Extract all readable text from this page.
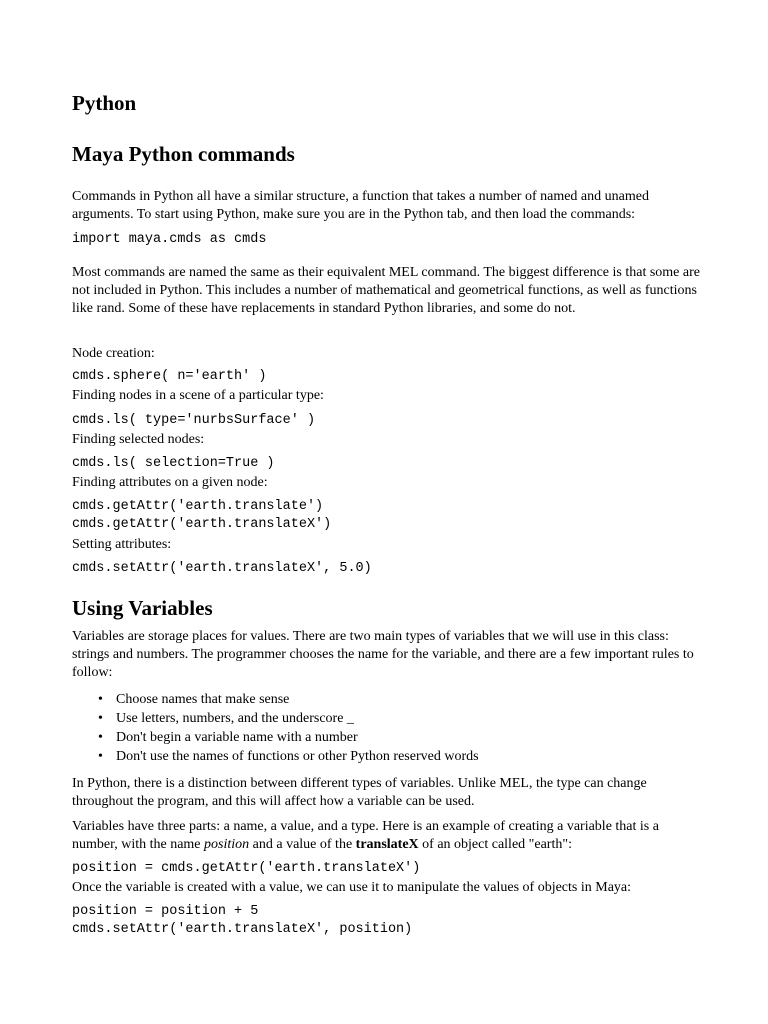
Python
Maya Python commands

Commands in Python all have a similar structure, a function that takes a number of named and unamed arguments. To start using Python, make sure you are in the Python tab, and then load the commands:

import maya.cmds as cmds

Most commands are named the same as their equivalent MEL command. The biggest difference is that some are not included in Python. This includes a number of mathematical and geometrical functions, as well as functions like rand. Some of these have replacements in standard Python libraries, and some do not.

Node creation:

cmds.sphere( n='earth' )

Finding nodes in a scene of a particular type:

cmds.ls( type='nurbsSurface' )

Finding selected nodes:

cmds.ls( selection=True )

Finding attributes on a given node:

cmds.getAttr('earth.translate')
cmds.getAttr('earth.translateX')

Setting attributes:

cmds.setAttr('earth.translateX', 5.0)
Using Variables

Variables are storage places for values. There are two main types of variables that we will use in this class: strings and numbers. The programmer chooses the name for the variable, and there are a few important rules to follow:

• Choose names that make sense
• Use letters, numbers, and the underscore _
• Don't begin a variable name with a number
• Don't use the names of functions or other Python reserved words

In Python, there is a distinction between different types of variables. Unlike MEL, the type can change throughout the program, and this will affect how a variable can be used.

Variables have three parts: a name, a value, and a type. Here is an example of creating a variable that is a number, with the name position and a value of the translateX of an object called "earth":

position = cmds.getAttr('earth.translateX')

Once the variable is created with a value, we can use it to manipulate the values of objects in Maya:

position = position + 5
cmds.setAttr('earth.translateX', position)
